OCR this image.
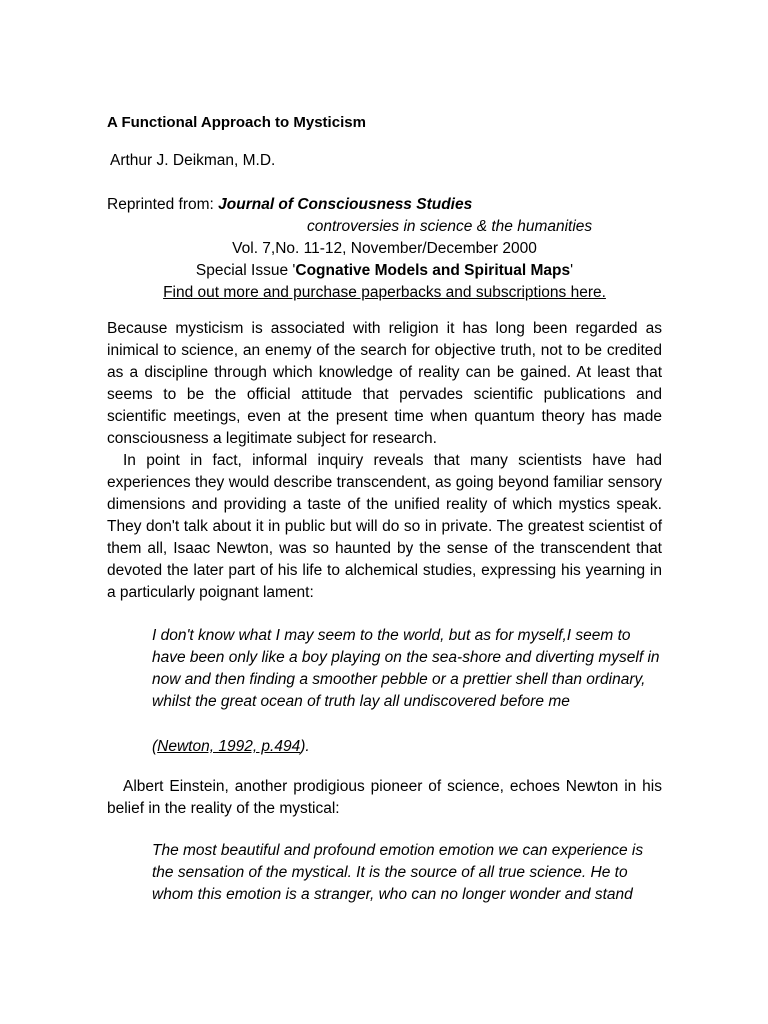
A Functional Approach to Mysticism

Arthur J. Deikman, M.D.

Reprinted from: Journal of Consciousness Studies
controversies in science & the humanities
Vol. 7,No. 11-12, November/December 2000
Special Issue 'Cognative Models and Spiritual Maps'
Find out more and purchase paperbacks and subscriptions here.

Because mysticism is associated with religion it has long been regarded as inimical to science, an enemy of the search for objective truth, not to be credited as a discipline through which knowledge of reality can be gained. At least that seems to be the official attitude that pervades scientific publications and scientific meetings, even at the present time when quantum theory has made consciousness a legitimate subject for research.

In point in fact, informal inquiry reveals that many scientists have had experiences they would describe transcendent, as going beyond familiar sensory dimensions and providing a taste of the unified reality of which mystics speak. They don't talk about it in public but will do so in private. The greatest scientist of them all, Isaac Newton, was so haunted by the sense of the transcendent that devoted the later part of his life to alchemical studies, expressing his yearning in a particularly poignant lament:

I don't know what I may seem to the world, but as for myself,I seem to have been only like a boy playing on the sea-shore and diverting myself in now and then finding a smoother pebble or a prettier shell than ordinary, whilst the great ocean of truth lay all undiscovered before me

(Newton, 1992, p.494).

Albert Einstein, another prodigious pioneer of science, echoes Newton in his belief in the reality of the mystical:

The most beautiful and profound emotion emotion we can experience is the sensation of the mystical. It is the source of all true science. He to whom this emotion is a stranger, who can no longer wonder and stand
